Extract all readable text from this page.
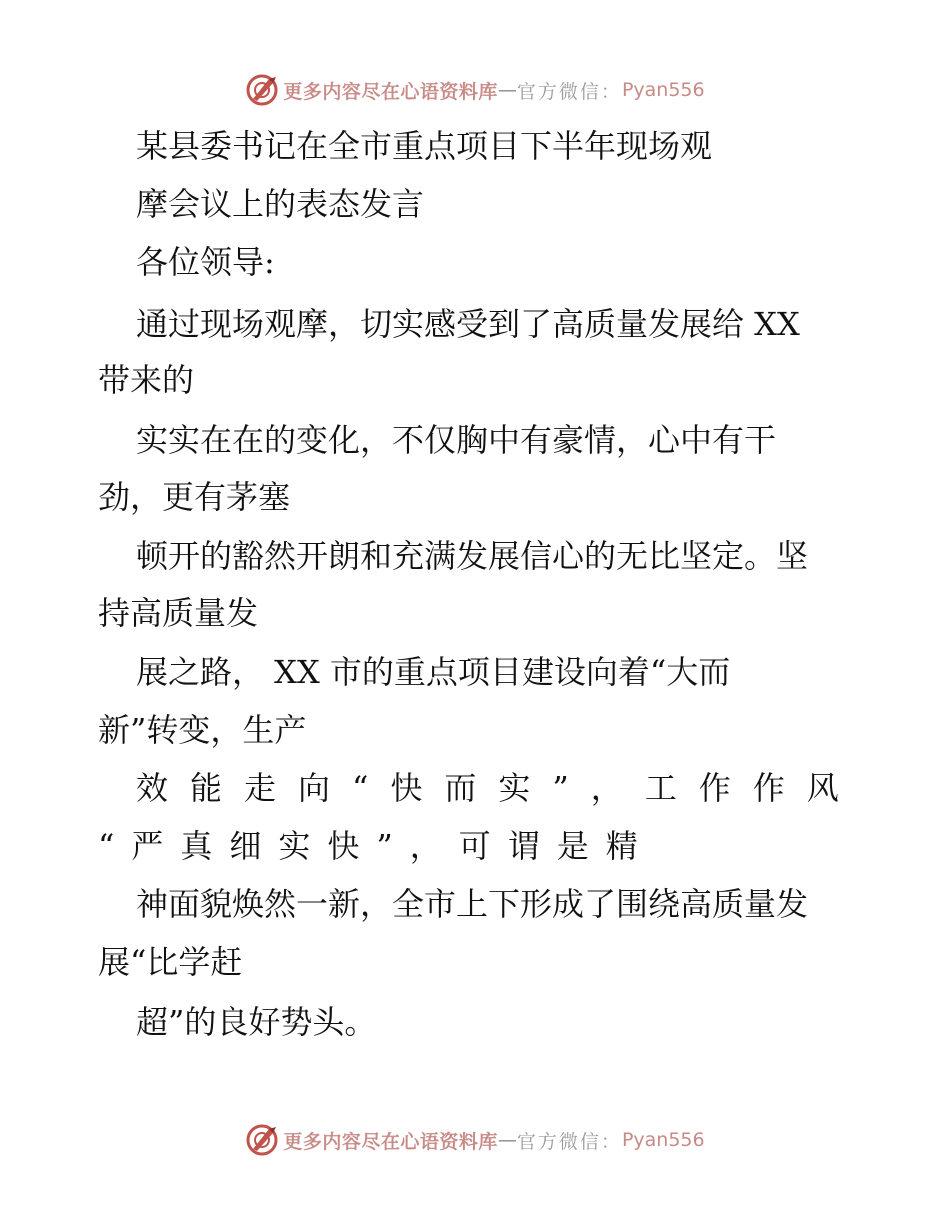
更多内容尽在心语资料库 — 官方微信： Pyan556
某县委书记在全市重点项目下半年现场观
摩会议上的表态发言
各位领导:
通过现场观摩，切实感受到了高质量发展给 XX
带来的
实实在在的变化，不仅胸中有豪情，心中有干
劲，更有茅塞
顿开的豁然开朗和充满发展信心的无比坚定。坚
持高质量发
展之路， XX 市的重点项目建设向着“大而
新”转变，生产
效能走向“快而实”，工作作风
“严真细实快”，可谓是精
神面貌焕然一新，全市上下形成了围绕高质量发
展“比学赶
超”的良好势头。
更多内容尽在心语资料库 — 官方微信： Pyan556
